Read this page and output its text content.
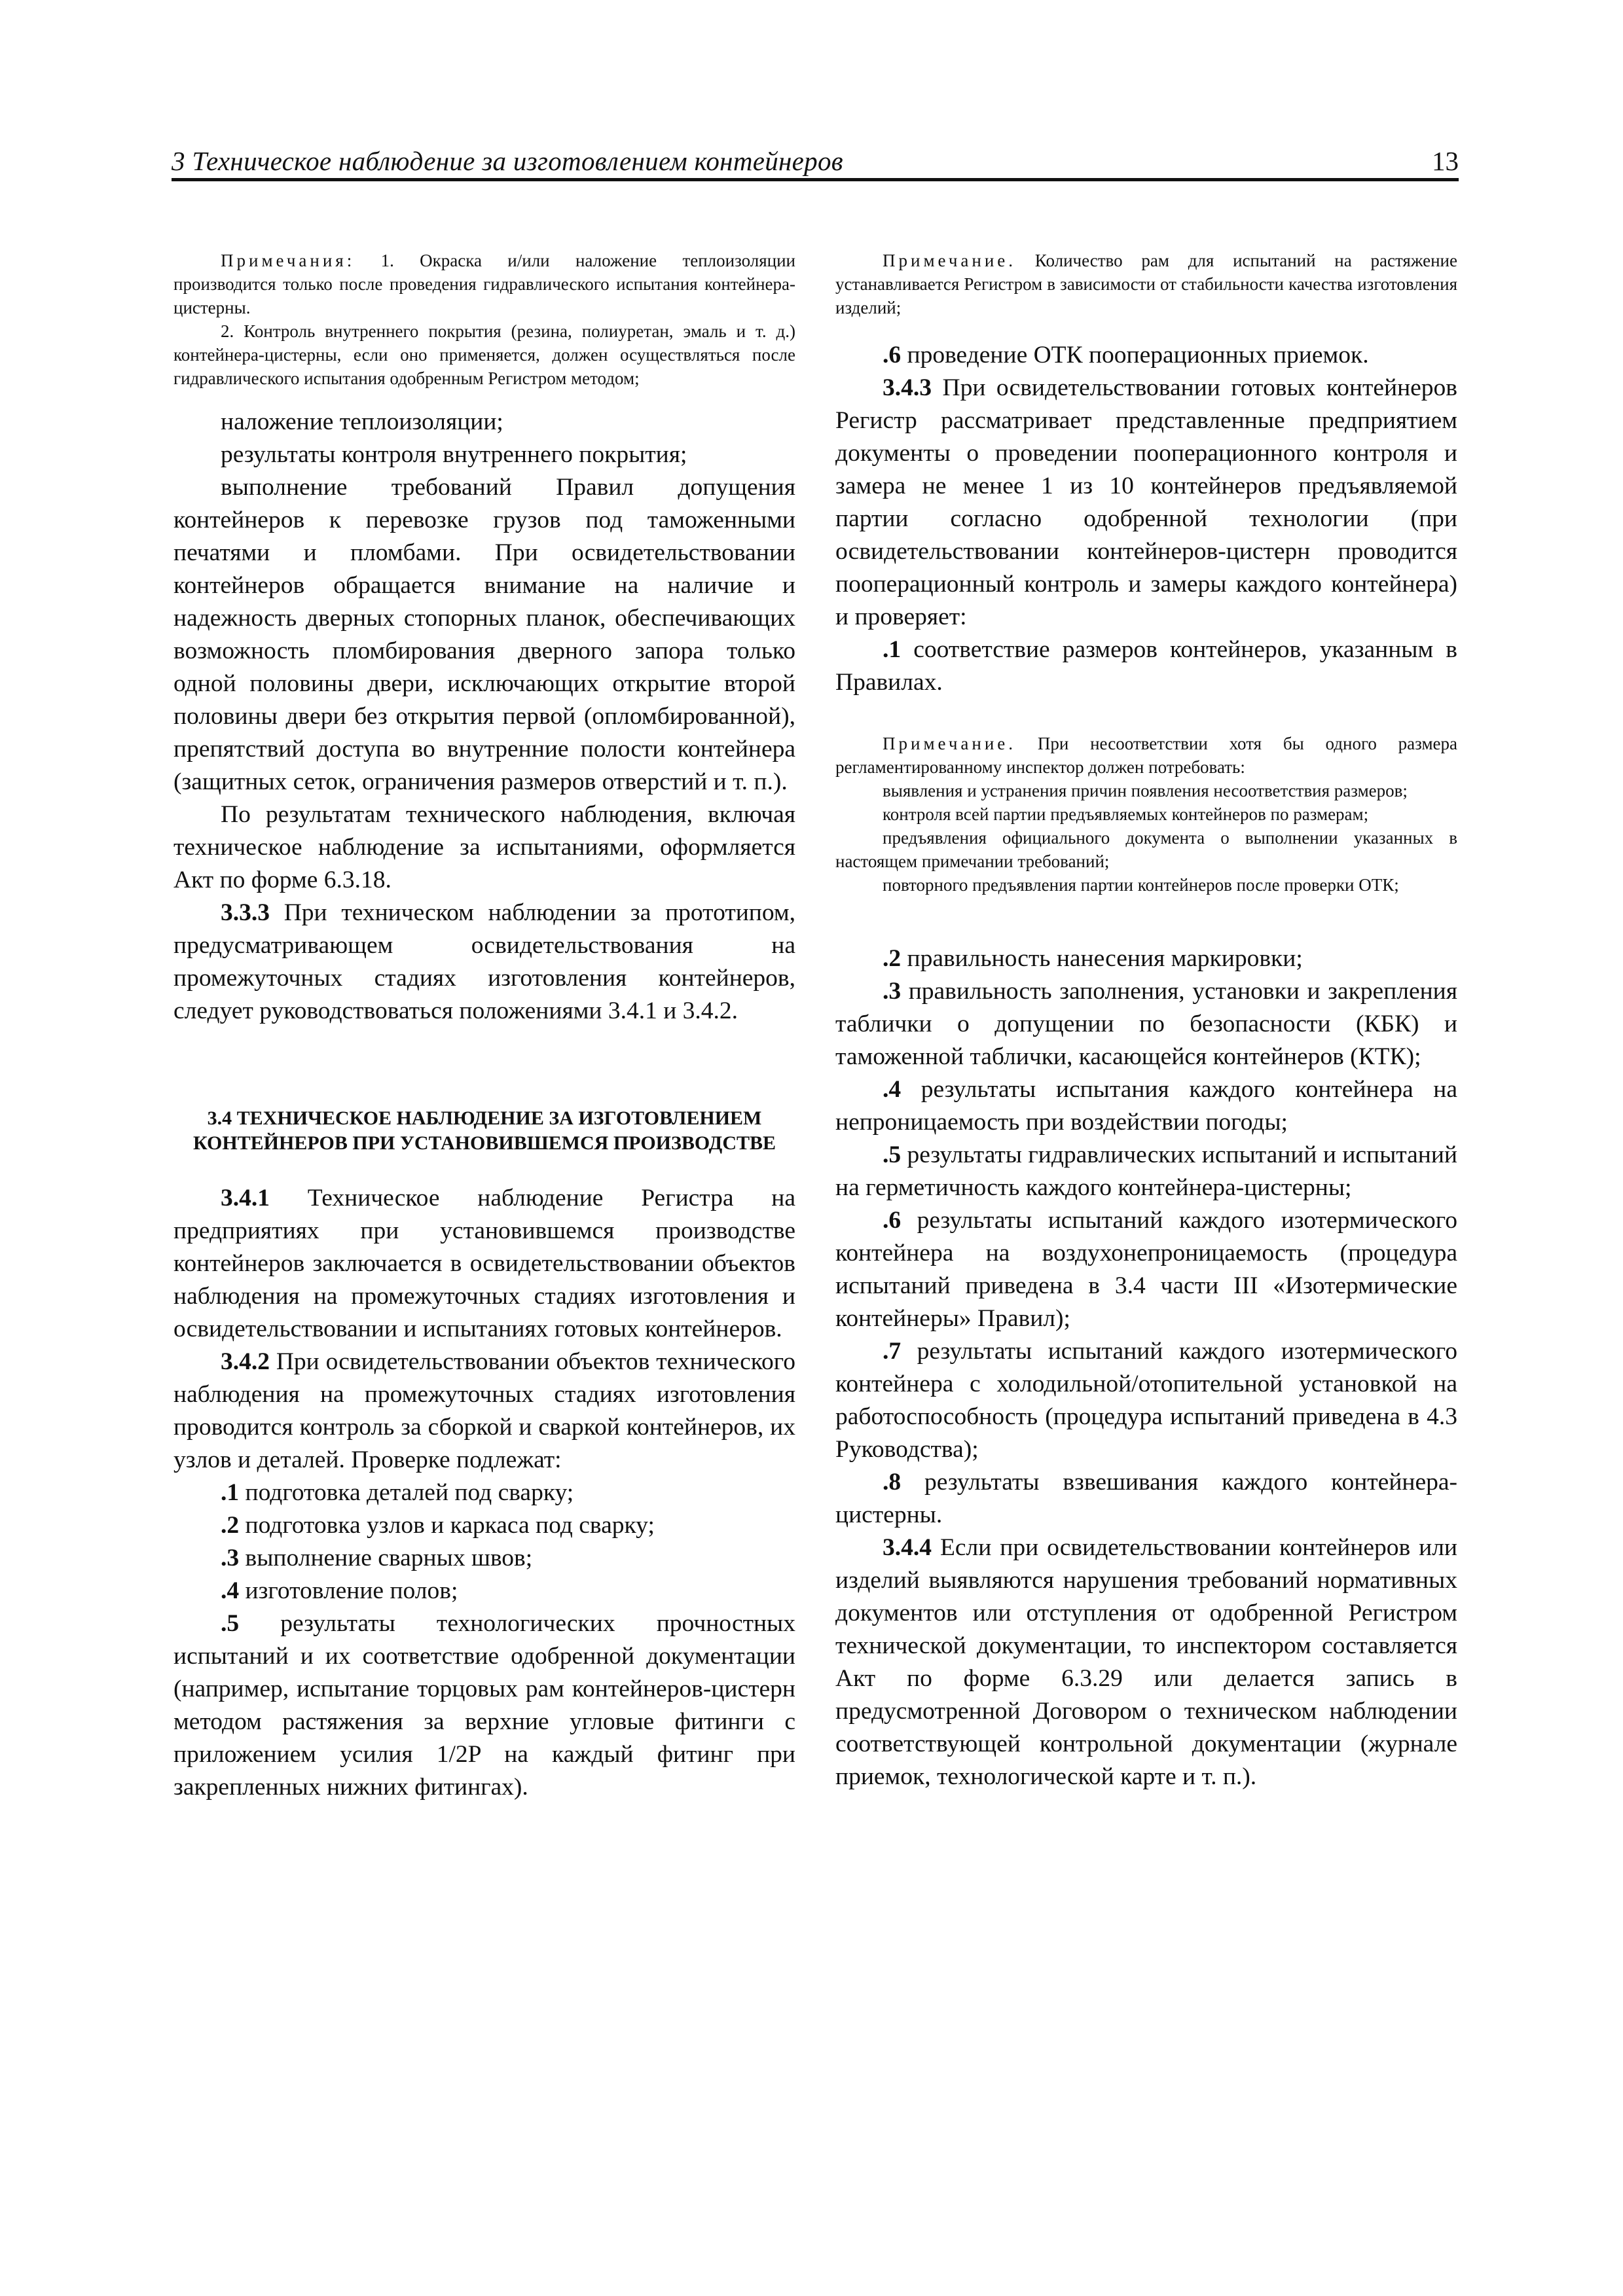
3 Техническое наблюдение за изготовлением контейнеров	13

Примечания: 1. Окраска и/или наложение теплоизоляции производится только после проведения гидравлического испытания контейнера-цистерны.

2. Контроль внутреннего покрытия (резина, полиуретан, эмаль и т. д.) контейнера-цистерны, если оно применяется, должен осуществляться после гидравлического испытания одобренным Регистром методом;

наложение теплоизоляции;

результаты контроля внутреннего покрытия;

выполнение требований Правил допущения контейнеров к перевозке грузов под таможенными печатями и пломбами. При освидетельствовании контейнеров обращается внимание на наличие и надежность дверных стопорных планок, обеспечивающих возможность пломбирования дверного запора только одной половины двери, исключающих открытие второй половины двери без открытия первой (опломбированной), препятствий доступа во внутренние полости контейнера (защитных сеток, ограничения размеров отверстий и т. п.).

По результатам технического наблюдения, включая техническое наблюдение за испытаниями, оформляется Акт по форме 6.3.18.

3.3.3 При техническом наблюдении за прототипом, предусматривающем освидетельствования на промежуточных стадиях изготовления контейнеров, следует руководствоваться положениями 3.4.1 и 3.4.2.

3.4 ТЕХНИЧЕСКОЕ НАБЛЮДЕНИЕ ЗА ИЗГОТОВЛЕНИЕМ КОНТЕЙНЕРОВ ПРИ УСТАНОВИВШЕМСЯ ПРОИЗВОДСТВЕ

3.4.1 Техническое наблюдение Регистра на предприятиях при установившемся производстве контейнеров заключается в освидетельствовании объектов наблюдения на промежуточных стадиях изготовления и освидетельствовании и испытаниях готовых контейнеров.

3.4.2 При освидетельствовании объектов технического наблюдения на промежуточных стадиях изготовления проводится контроль за сборкой и сваркой контейнеров, их узлов и деталей. Проверке подлежат:

.1 подготовка деталей под сварку;

.2 подготовка узлов и каркаса под сварку;

.3 выполнение сварных швов;

.4 изготовление полов;

.5 результаты технологических прочностных испытаний и их соответствие одобренной документации (например, испытание торцовых рам контейнеров-цистерн методом растяжения за верхние угловые фитинги с приложением усилия 1/2P на каждый фитинг при закрепленных нижних фитингах).

Примечание. Количество рам для испытаний на растяжение устанавливается Регистром в зависимости от стабильности качества изготовления изделий;

.6 проведение ОТК пооперационных приемок.

3.4.3 При освидетельствовании готовых контейнеров Регистр рассматривает представленные предприятием документы о проведении пооперационного контроля и замера не менее 1 из 10 контейнеров предъявляемой партии согласно одобренной технологии (при освидетельствовании контейнеров-цистерн проводится пооперационный контроль и замеры каждого контейнера) и проверяет:

.1 соответствие размеров контейнеров, указанным в Правилах.

Примечание. При несоответствии хотя бы одного размера регламентированному инспектор должен потребовать:

выявления и устранения причин появления несоответствия размеров;

контроля всей партии предъявляемых контейнеров по размерам;

предъявления официального документа о выполнении указанных в настоящем примечании требований;

повторного предъявления партии контейнеров после проверки ОТК;

.2 правильность нанесения маркировки;

.3 правильность заполнения, установки и закрепления таблички о допущении по безопасности (КБК) и таможенной таблички, касающейся контейнеров (КТК);

.4 результаты испытания каждого контейнера на непроницаемость при воздействии погоды;

.5 результаты гидравлических испытаний и испытаний на герметичность каждого контейнера-цистерны;

.6 результаты испытаний каждого изотермического контейнера на воздухонепроницаемость (процедура испытаний приведена в 3.4 части III «Изотермические контейнеры» Правил);

.7 результаты испытаний каждого изотермического контейнера с холодильной/отопительной установкой на работоспособность (процедура испытаний приведена в 4.3 Руководства);

.8 результаты взвешивания каждого контейнера-цистерны.

3.4.4 Если при освидетельствовании контейнеров или изделий выявляются нарушения требований нормативных документов или отступления от одобренной Регистром технической документации, то инспектором составляется Акт по форме 6.3.29 или делается запись в предусмотренной Договором о техническом наблюдении соответствующей контрольной документации (журнале приемок, технологической карте и т. п.).
